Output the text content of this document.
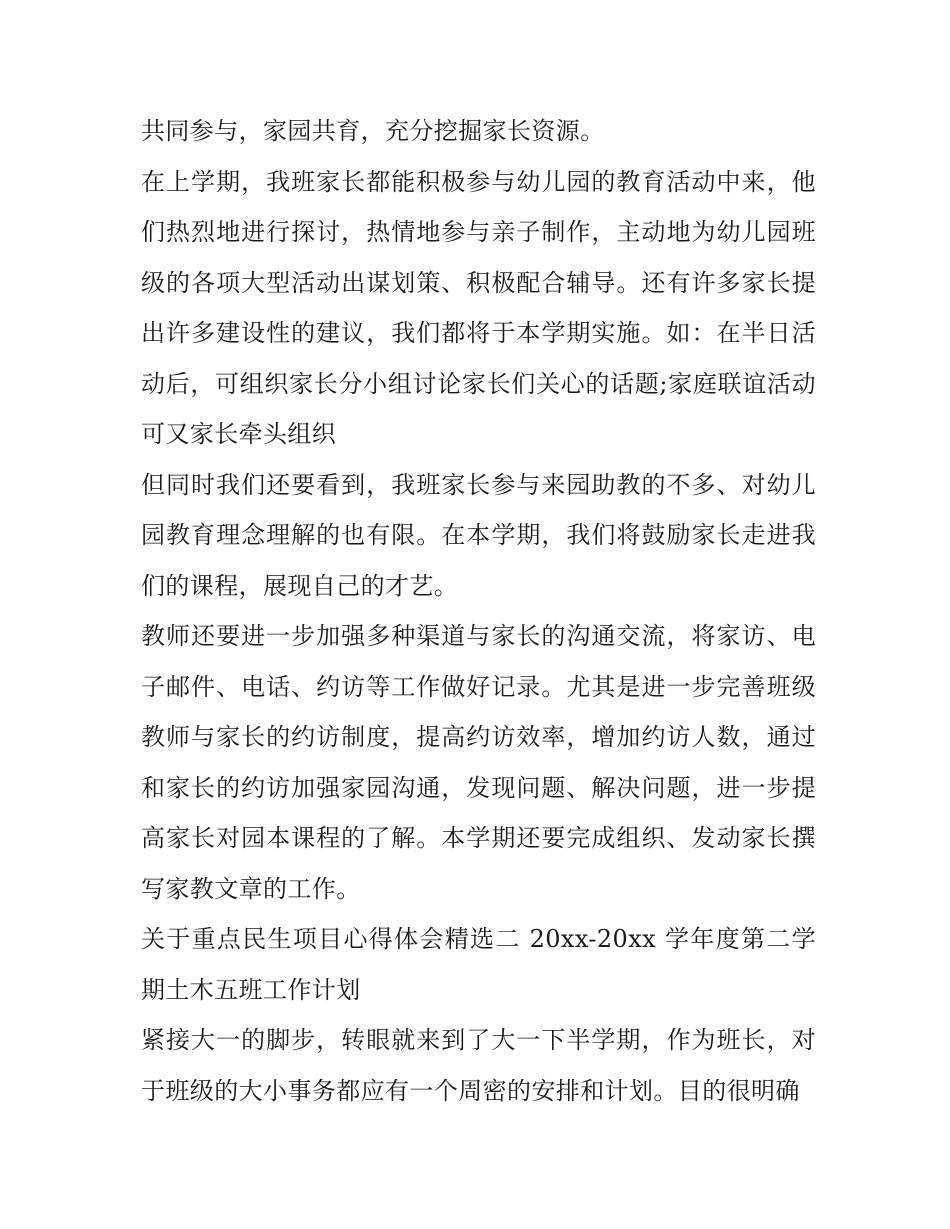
共同参与，家园共育，充分挖掘家长资源。

在上学期，我班家长都能积极参与幼儿园的教育活动中来，他们热烈地进行探讨，热情地参与亲子制作，主动地为幼儿园班级的各项大型活动出谋划策、积极配合辅导。还有许多家长提出许多建设性的建议，我们都将于本学期实施。如：在半日活动后，可组织家长分小组讨论家长们关心的话题;家庭联谊活动可又家长牵头组织

但同时我们还要看到，我班家长参与来园助教的不多、对幼儿园教育理念理解的也有限。在本学期，我们将鼓励家长走进我们的课程，展现自己的才艺。

教师还要进一步加强多种渠道与家长的沟通交流，将家访、电子邮件、电话、约访等工作做好记录。尤其是进一步完善班级教师与家长的约访制度，提高约访效率，增加约访人数，通过和家长的约访加强家园沟通，发现问题、解决问题，进一步提高家长对园本课程的了解。本学期还要完成组织、发动家长撰写家教文章的工作。

关于重点民生项目心得体会精选二 20xx-20xx 学年度第二学期土木五班工作计划

紧接大一的脚步，转眼就来到了大一下半学期，作为班长，对于班级的大小事务都应有一个周密的安排和计划。目的很明确
